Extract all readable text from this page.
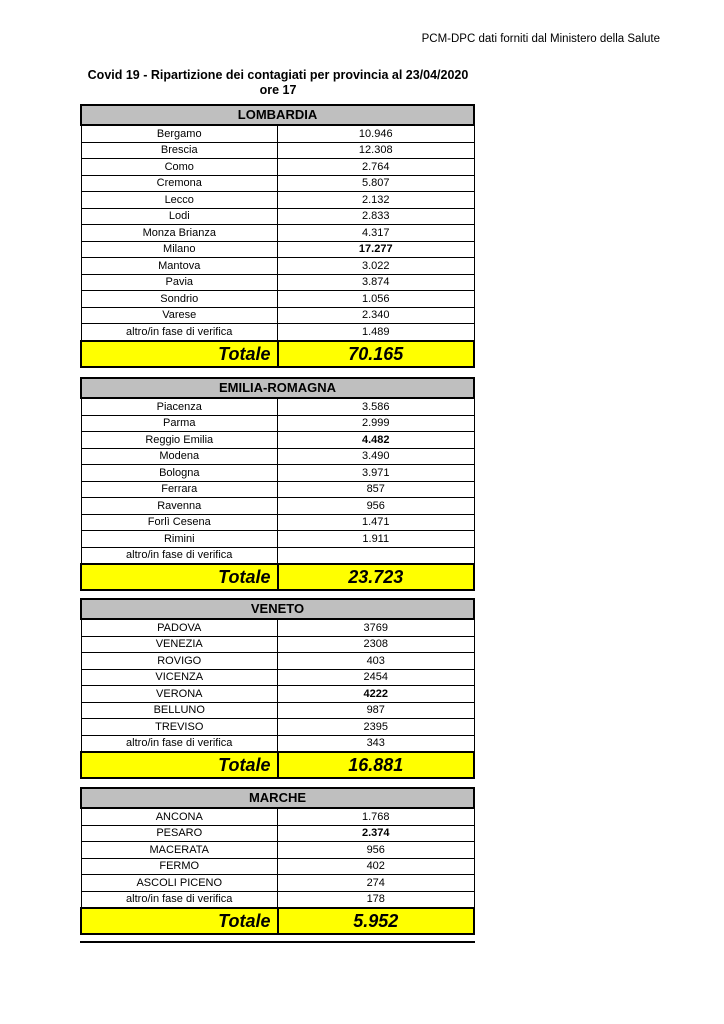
PCM-DPC dati forniti dal Ministero della Salute
Covid 19 - Ripartizione dei contagiati per provincia al 23/04/2020
ore 17
LOMBARDIA	
Bergamo	10.946
Brescia	12.308
Como	2.764
Cremona	5.807
Lecco	2.132
Lodi	2.833
Monza Brianza	4.317
Milano	17.277
Mantova	3.022
Pavia	3.874
Sondrio	1.056
Varese	2.340
altro/in fase di verifica	1.489
Totale	70.165
EMILIA-ROMAGNA	
Piacenza	3.586
Parma	2.999
Reggio Emilia	4.482
Modena	3.490
Bologna	3.971
Ferrara	857
Ravenna	956
Forlì Cesena	1.471
Rimini	1.911
altro/in fase di verifica	
Totale	23.723
VENETO	
PADOVA	3769
VENEZIA	2308
ROVIGO	403
VICENZA	2454
VERONA	4222
BELLUNO	987
TREVISO	2395
altro/in fase di verifica	343
Totale	16.881
MARCHE	
ANCONA	1.768
PESARO	2.374
MACERATA	956
FERMO	402
ASCOLI PICENO	274
altro/in fase di verifica	178
Totale	5.952
